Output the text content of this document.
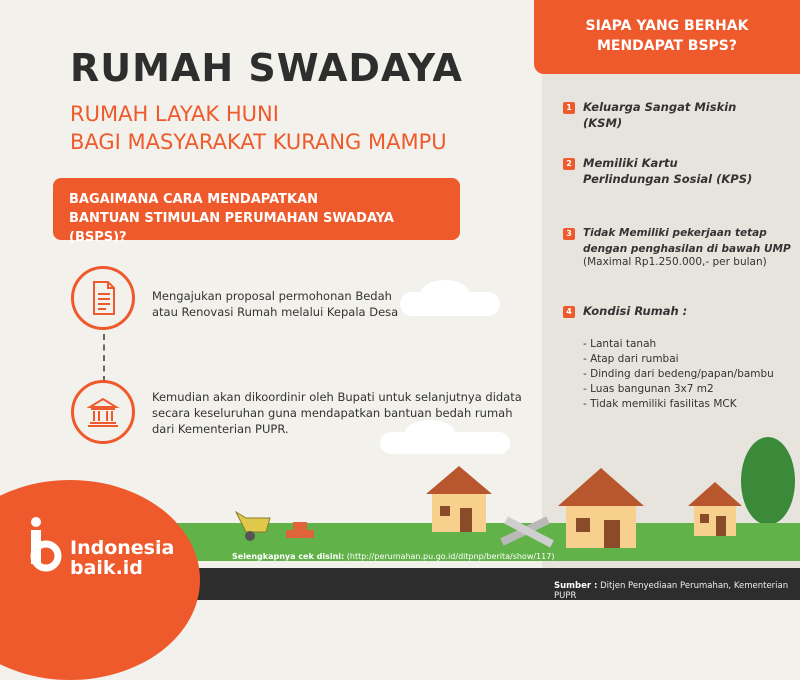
RUMAH SWADAYA
RUMAH LAYAK HUNI
BAGI MASYARAKAT KURANG MAMPU
BAGAIMANA CARA MENDAPATKAN
BANTUAN STIMULAN PERUMAHAN SWADAYA (BSPS)?
Mengajukan proposal permohonan Bedah
atau Renovasi Rumah melalui Kepala Desa
Kemudian akan dikoordinir oleh Bupati untuk selanjutnya didata
secara keseluruhan guna mendapatkan bantuan bedah rumah
dari Kementerian PUPR.
SIAPA YANG BERHAK
MENDAPAT BSPS?
1 Keluarga Sangat Miskin
(KSM)
2 Memiliki Kartu
Perlindungan Sosial (KPS)
3	Tidak Memiliki pekerjaan tetap
dengan penghasilan di bawah UMP
(Maximal Rp1.250.000,- per bulan)
4 Kondisi Rumah :
- Lantai tanah
- Atap dari rumbai
- Dinding dari bedeng/papan/bambu
- Luas bangunan 3x7 m2
- Tidak memiliki fasilitas MCK
Indonesia
baik.id
Selengkapnya cek disini: (http://perumahan.pu.go.id/ditpnp/berita/show/117)
Sumber : Ditjen Penyediaan Perumahan, Kementerian PUPR
